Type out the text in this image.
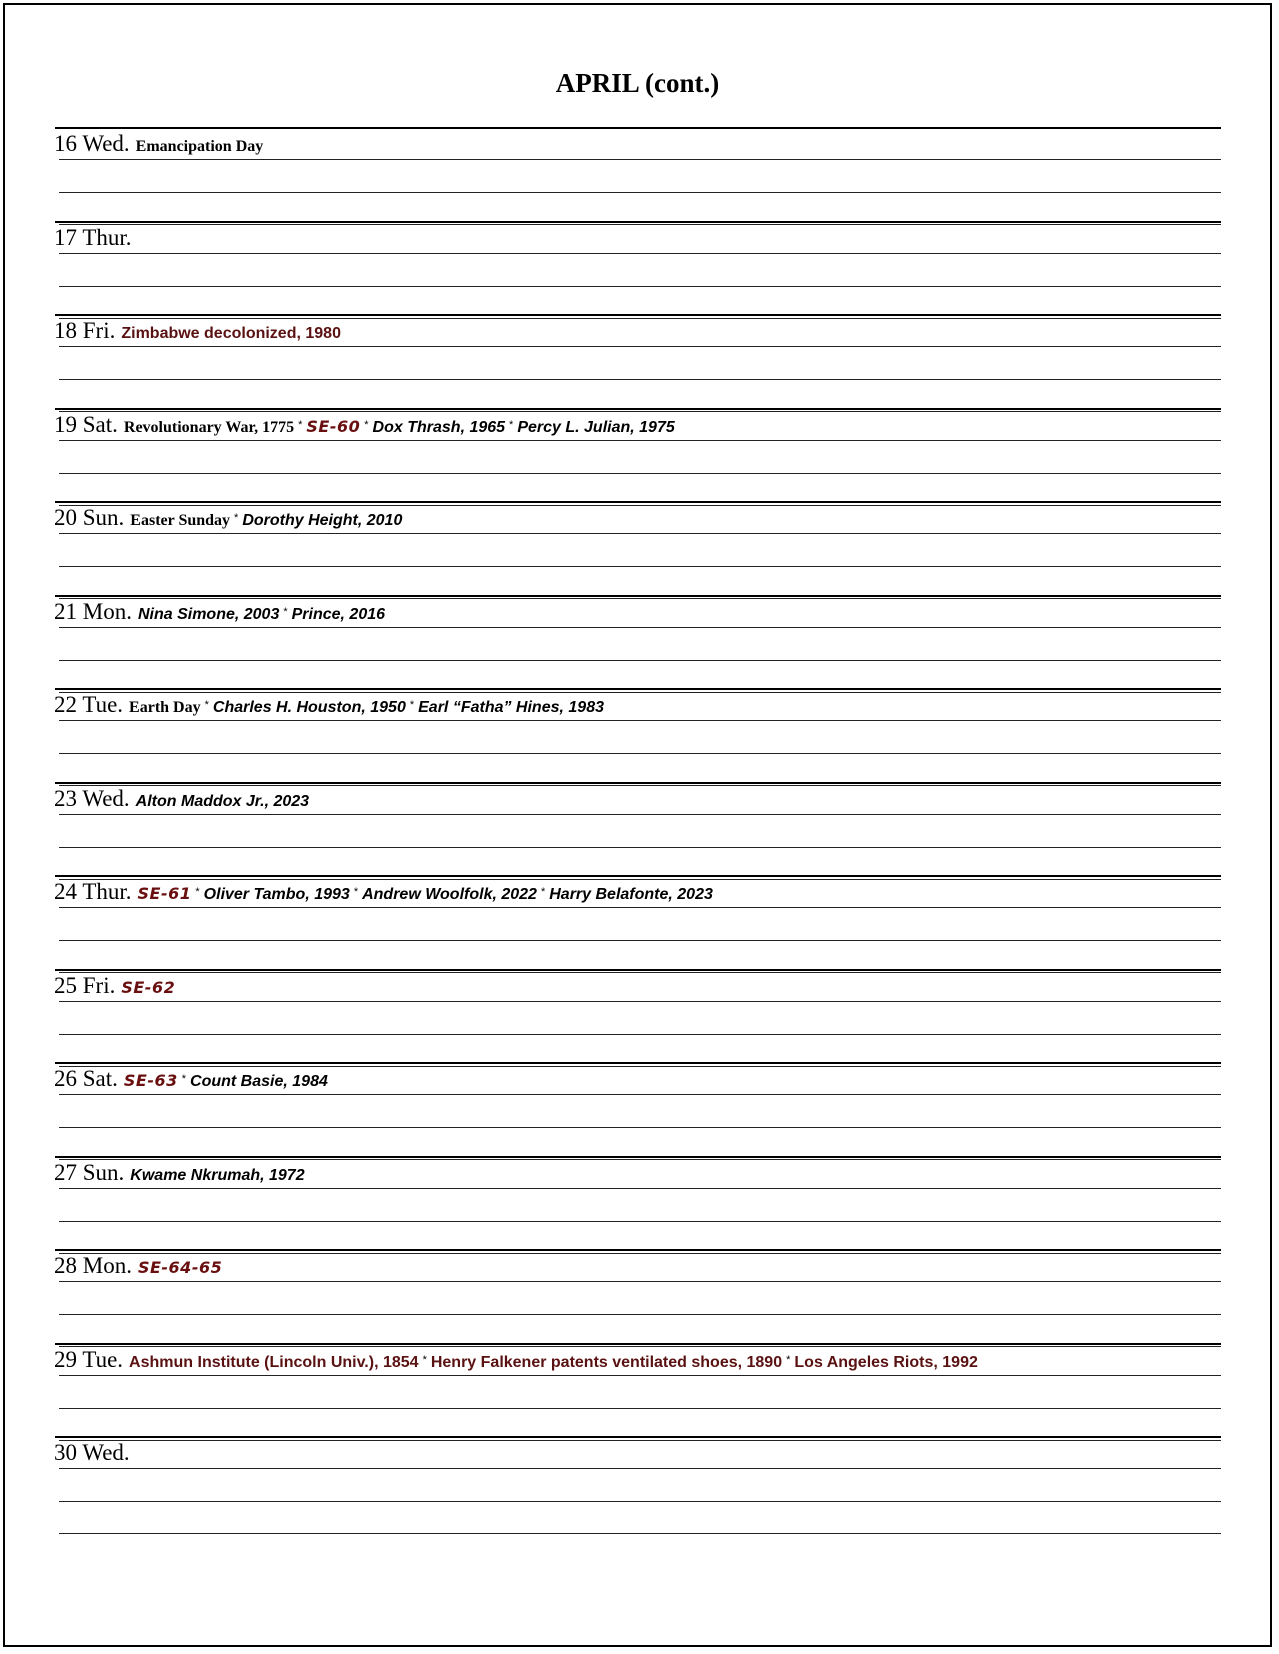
APRIL (cont.)
16 Wed. Emancipation Day
17 Thur.
18 Fri. Zimbabwe decolonized, 1980
19 Sat. Revolutionary War, 1775 * SE-60 * Dox Thrash, 1965 * Percy L. Julian, 1975
20 Sun. Easter Sunday * Dorothy Height, 2010
21 Mon. Nina Simone, 2003 * Prince, 2016
22 Tue. Earth Day * Charles H. Houston, 1950 * Earl “Fatha” Hines, 1983
23 Wed. Alton Maddox Jr., 2023
24 Thur. SE-61 * Oliver Tambo, 1993 * Andrew Woolfolk, 2022 * Harry Belafonte, 2023
25 Fri. SE-62
26 Sat. SE-63 * Count Basie, 1984
27 Sun. Kwame Nkrumah, 1972
28 Mon. SE-64-65
29 Tue. Ashmun Institute (Lincoln Univ.), 1854 * Henry Falkener patents ventilated shoes, 1890 * Los Angeles Riots, 1992
30 Wed.
